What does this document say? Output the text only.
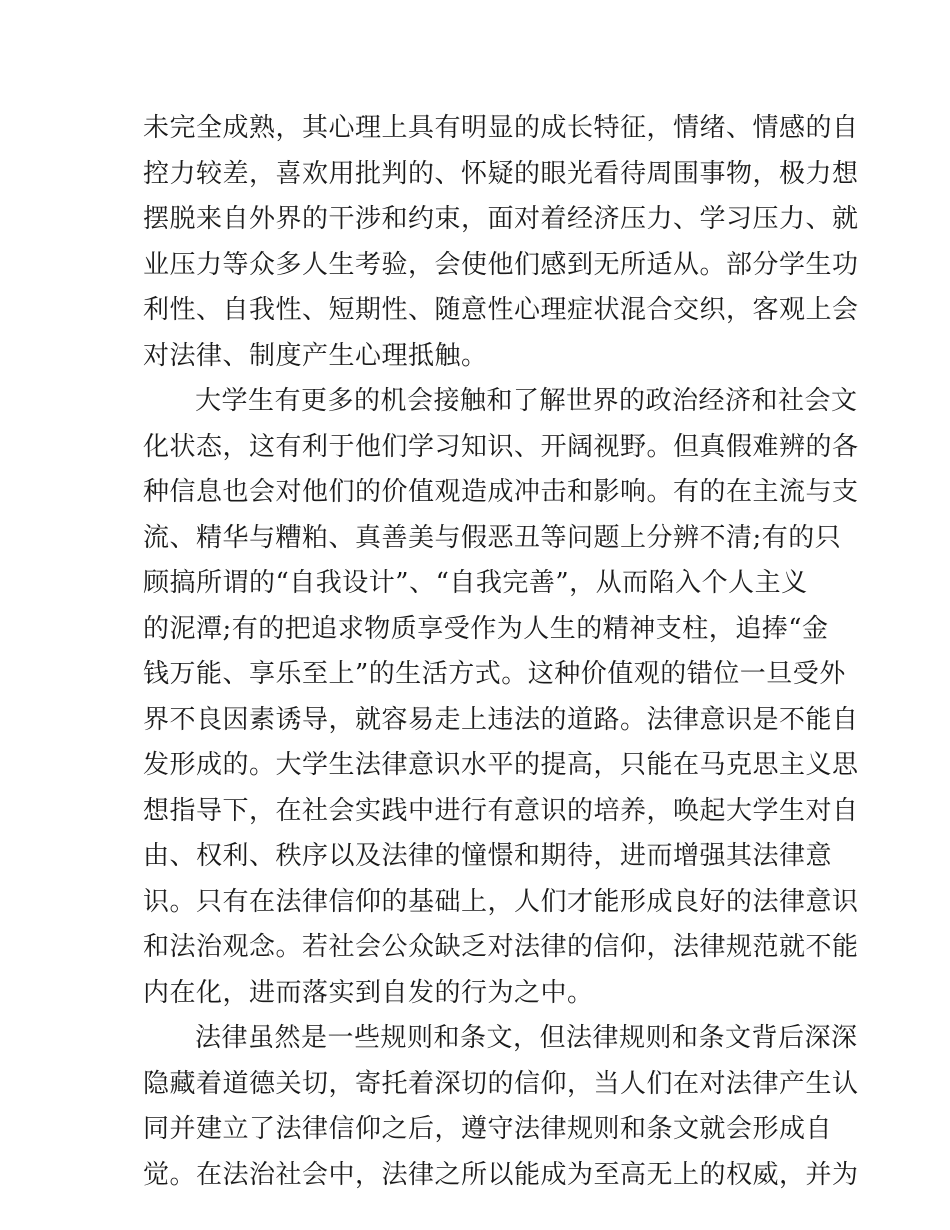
未完全成熟，其心理上具有明显的成长特征，情绪、情感的自
控力较差，喜欢用批判的、怀疑的眼光看待周围事物，极力想
摆脱来自外界的干涉和约束，面对着经济压力、学习压力、就
业压力等众多人生考验，会使他们感到无所适从。部分学生功
利性、自我性、短期性、随意性心理症状混合交织，客观上会
对法律、制度产生心理抵触。
大学生有更多的机会接触和了解世界的政治经济和社会文
化状态，这有利于他们学习知识、开阔视野。但真假难辨的各
种信息也会对他们的价值观造成冲击和影响。有的在主流与支
流、精华与糟粕、真善美与假恶丑等问题上分辨不清;有的只
顾搞所谓的“自我设计”、“自我完善”，从而陷入个人主义
的泥潭;有的把追求物质享受作为人生的精神支柱，追捧“金
钱万能、享乐至上”的生活方式。这种价值观的错位一旦受外
界不良因素诱导，就容易走上违法的道路。法律意识是不能自
发形成的。大学生法律意识水平的提高，只能在马克思主义思
想指导下，在社会实践中进行有意识的培养，唤起大学生对自
由、权利、秩序以及法律的憧憬和期待，进而增强其法律意
识。只有在法律信仰的基础上，人们才能形成良好的法律意识
和法治观念。若社会公众缺乏对法律的信仰，法律规范就不能
内在化，进而落实到自发的行为之中。
法律虽然是一些规则和条文，但法律规则和条文背后深深
隐藏着道德关切，寄托着深切的信仰，当人们在对法律产生认
同并建立了法律信仰之后，遵守法律规则和条文就会形成自
觉。在法治社会中，法律之所以能成为至高无上的权威，并为
